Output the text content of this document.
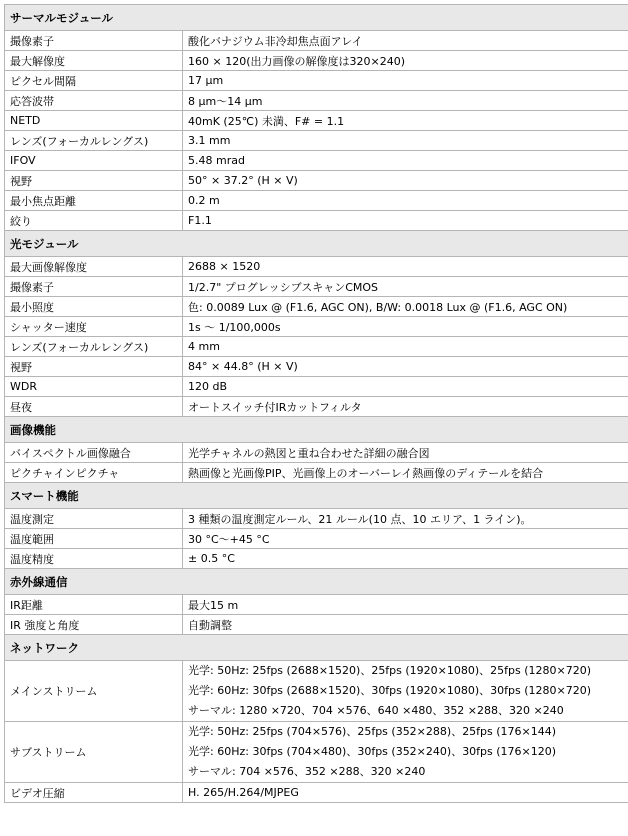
サーマルモジュール	
撮像素子	酸化バナジウム非冷却焦点面アレイ
最大解像度	160 × 120(出力画像の解像度は320×240)
ピクセル間隔	17 μm
応答波帯	8 μm～14 μm
NETD	40mK (25℃) 未満、F# = 1.1
レンズ(フォーカルレングス)	3.1 mm
IFOV	5.48 mrad
視野	50° × 37.2° (H × V)
最小焦点距離	0.2 m
絞り	F1.1
光モジュール	
最大画像解像度	2688 × 1520
撮像素子	1/2.7" プログレッシブスキャンCMOS
最小照度	色: 0.0089 Lux @ (F1.6, AGC ON), B/W: 0.0018 Lux @ (F1.6, AGC ON)
シャッター速度	1s ～ 1/100,000s
レンズ(フォーカルレングス)	4 mm
視野	84° × 44.8° (H × V)
WDR	120 dB
昼夜	オートスイッチ付IRカットフィルタ
画像機能	
バイスペクトル画像融合	光学チャネルの熱図と重ね合わせた詳細の融合図
ピクチャインピクチャ	熱画像と光画像PIP、光画像上のオーバーレイ熱画像のディテールを結合
スマート機能	
温度測定	3 種類の温度測定ルール、21 ルール(10 点、10 エリア、1 ライン)。
温度範囲	30 °C～+45 °C
温度精度	± 0.5 °C
赤外線通信	
IR距離	最大15 m
IR 強度と角度	自動調整
ネットワーク	
メインストリーム	光学: 50Hz: 25fps (2688×1520)、25fps (1920×1080)、25fps (1280×720)
光学: 60Hz: 30fps (2688×1520)、30fps (1920×1080)、30fps (1280×720)
サーマル: 1280 ×720、704 ×576、640 ×480、352 ×288、320 ×240

サブストリーム	光学: 50Hz: 25fps (704×576)、25fps (352×288)、25fps (176×144)
光学: 60Hz: 30fps (704×480)、30fps (352×240)、30fps (176×120)
サーマル: 704 ×576、352 ×288、320 ×240

ビデオ圧縮	H. 265/H.264/MJPEG
